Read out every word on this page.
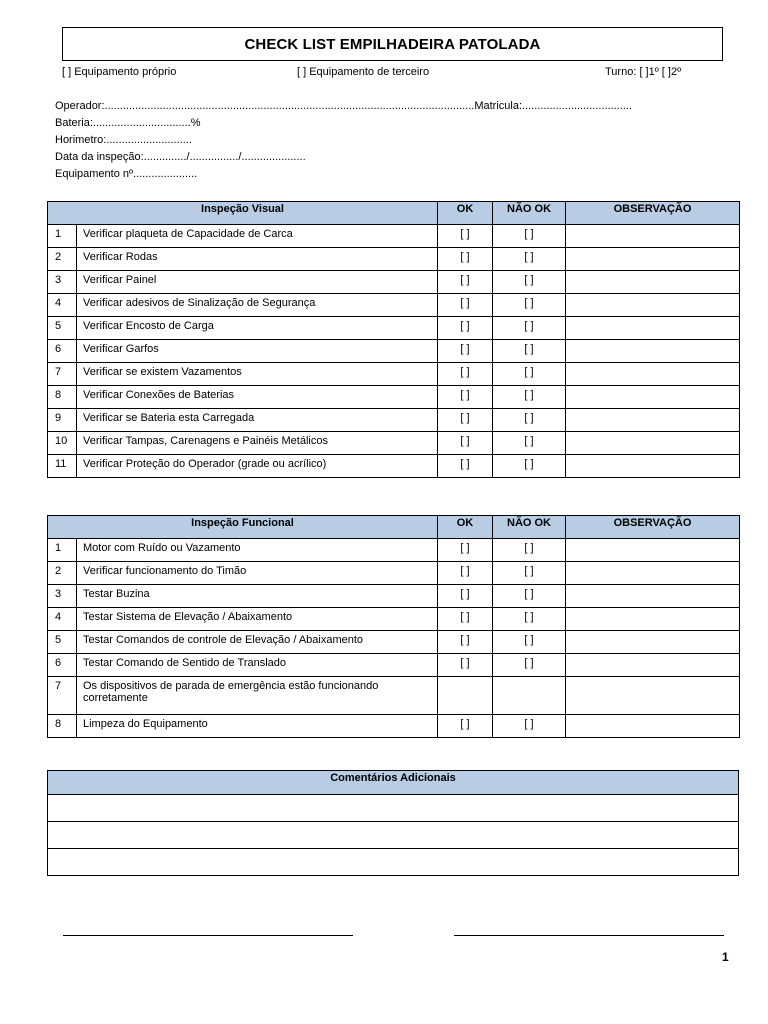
CHECK LIST EMPILHADEIRA PATOLADA
[ ] Equipamento próprio	[ ] Equipamento de terceiro	Turno: [ ]1º [ ]2º
Operador:.........................................................................................................................Matricula:....................................
Bateria:................................%
Horimetro:............................
Data da inspeção:............../................/.....................
Equipamento nº.....................
Inspeção Visual		OK	NÃO OK	OBSERVAÇÃO
1	Verificar plaqueta de Capacidade de Carca	[ ]	[ ]	
2	Verificar Rodas	[ ]	[ ]	
3	Verificar Painel	[ ]	[ ]	
4	Verificar adesivos de Sinalização de Segurança	[ ]	[ ]	
5	Verificar Encosto de Carga	[ ]	[ ]	
6	Verificar Garfos	[ ]	[ ]	
7	Verificar se existem Vazamentos	[ ]	[ ]	
8	Verificar Conexões de Baterias	[ ]	[ ]	
9	Verificar se Bateria esta Carregada	[ ]	[ ]	
10	Verificar Tampas, Carenagens e Painéis Metálicos	[ ]	[ ]	
11	Verificar Proteção do Operador (grade ou acrílico)	[ ]	[ ]	
Inspeção Funcional		OK	NÃO OK	OBSERVAÇÃO
1	Motor com Ruído ou Vazamento	[ ]	[ ]	
2	Verificar funcionamento do Timão	[ ]	[ ]	
3	Testar Buzina	[ ]	[ ]	
4	Testar Sistema de Elevação / Abaixamento	[ ]	[ ]	
5	Testar Comandos de controle de Elevação / Abaixamento	[ ]	[ ]	
6	Testar Comando de Sentido de Translado	[ ]	[ ]	
7	Os dispositivos de parada de emergência estão funcionando corretamente			
8	Limpeza do Equipamento	[ ]	[ ]	
Comentários Adicionais

1
